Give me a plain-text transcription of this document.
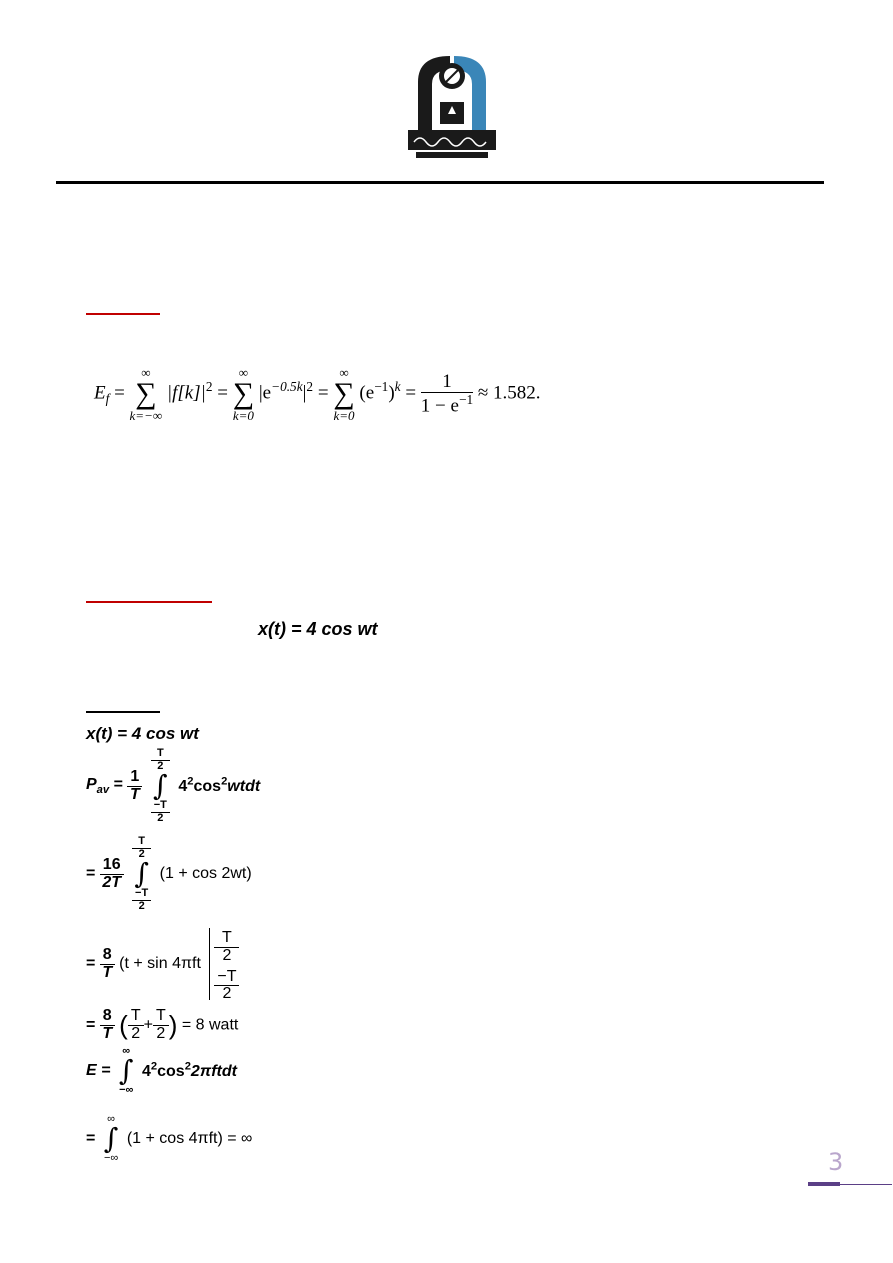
$E_f$ =
∞
∑
k=−∞
$|f[k]|^2$ =
∞
∑
k=0
$|e^{-0.5k}|^2$ =
∞
∑
k=0
$(e^{-1})^k = \frac{1}{1 - e^{-1}} \approx 1.582$.
x(t) = 4 cos wt
x(t) = 4 cos wt
$P_{av} = \frac{1}{T}$

T
2
∫
−T
2
$4^2\cos^2wtdt$
= $\frac{16}{2T}$

T
2
∫
−T
2
(1 + cos 2wt)
= $\frac{8}{T} (t + \sin 4\pi ft$
T
2
−T
2
= $\frac{8}{T}$ ( $\frac{T}{2} + \frac{T}{2}$ ) = 8 watt
E =
∞
∫
−∞
$4^2\cos^22\pi ftdt$
=
∞
∫
−∞
(1 + cos 4πft) = ∞
3
